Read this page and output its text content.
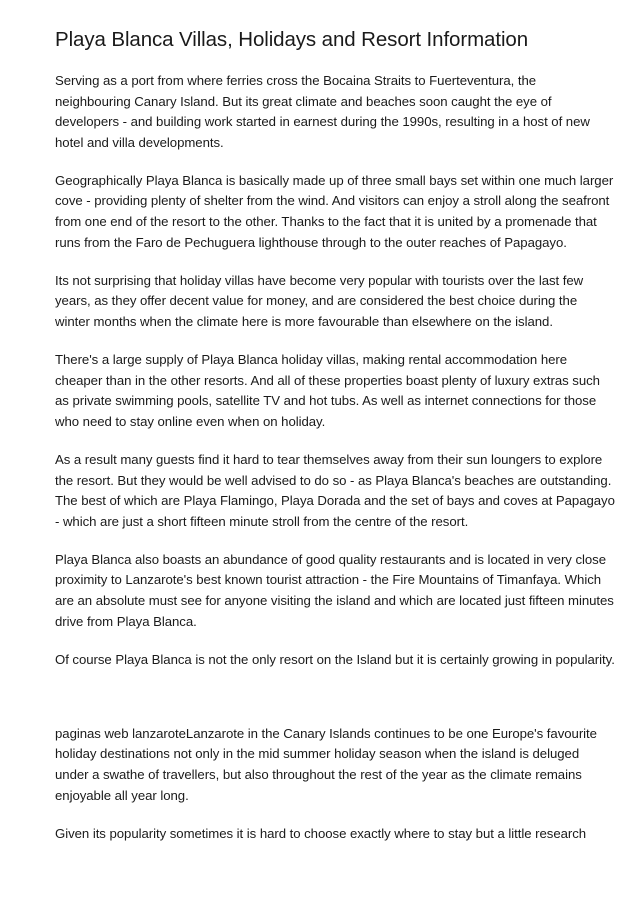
Playa Blanca Villas, Holidays and Resort Information

Serving as a port from where ferries cross the Bocaina Straits to Fuerteventura, the neighbouring Canary Island. But its great climate and beaches soon caught the eye of developers - and building work started in earnest during the 1990s, resulting in a host of new hotel and villa developments.

Geographically Playa Blanca is basically made up of three small bays set within one much larger cove - providing plenty of shelter from the wind. And visitors can enjoy a stroll along the seafront from one end of the resort to the other. Thanks to the fact that it is united by a promenade that runs from the Faro de Pechuguera lighthouse through to the outer reaches of Papagayo.

Its not surprising that holiday villas have become very popular with tourists over the last few years, as they offer decent value for money, and are considered the best choice during the winter months when the climate here is more favourable than elsewhere on the island.

There's a large supply of Playa Blanca holiday villas, making rental accommodation here cheaper than in the other resorts. And all of these properties boast plenty of luxury extras such as private swimming pools, satellite TV and hot tubs. As well as internet connections for those who need to stay online even when on holiday.

As a result many guests find it hard to tear themselves away from their sun loungers to explore the resort. But they would be well advised to do so - as Playa Blanca's beaches are outstanding. The best of which are Playa Flamingo, Playa Dorada and the set of bays and coves at Papagayo - which are just a short fifteen minute stroll from the centre of the resort.

Playa Blanca also boasts an abundance of good quality restaurants and is located in very close proximity to Lanzarote's best known tourist attraction - the Fire Mountains of Timanfaya. Which are an absolute must see for anyone visiting the island and which are located just fifteen minutes drive from Playa Blanca.

Of course Playa Blanca is not the only resort on the Island but it is certainly growing in popularity.

paginas web lanzaroteLanzarote in the Canary Islands continues to be one Europe's favourite holiday destinations not only in the mid summer holiday season when the island is deluged under a swathe of travellers, but also throughout the rest of the year as the climate remains enjoyable all year long.

Given its popularity sometimes it is hard to choose exactly where to stay but a little research
